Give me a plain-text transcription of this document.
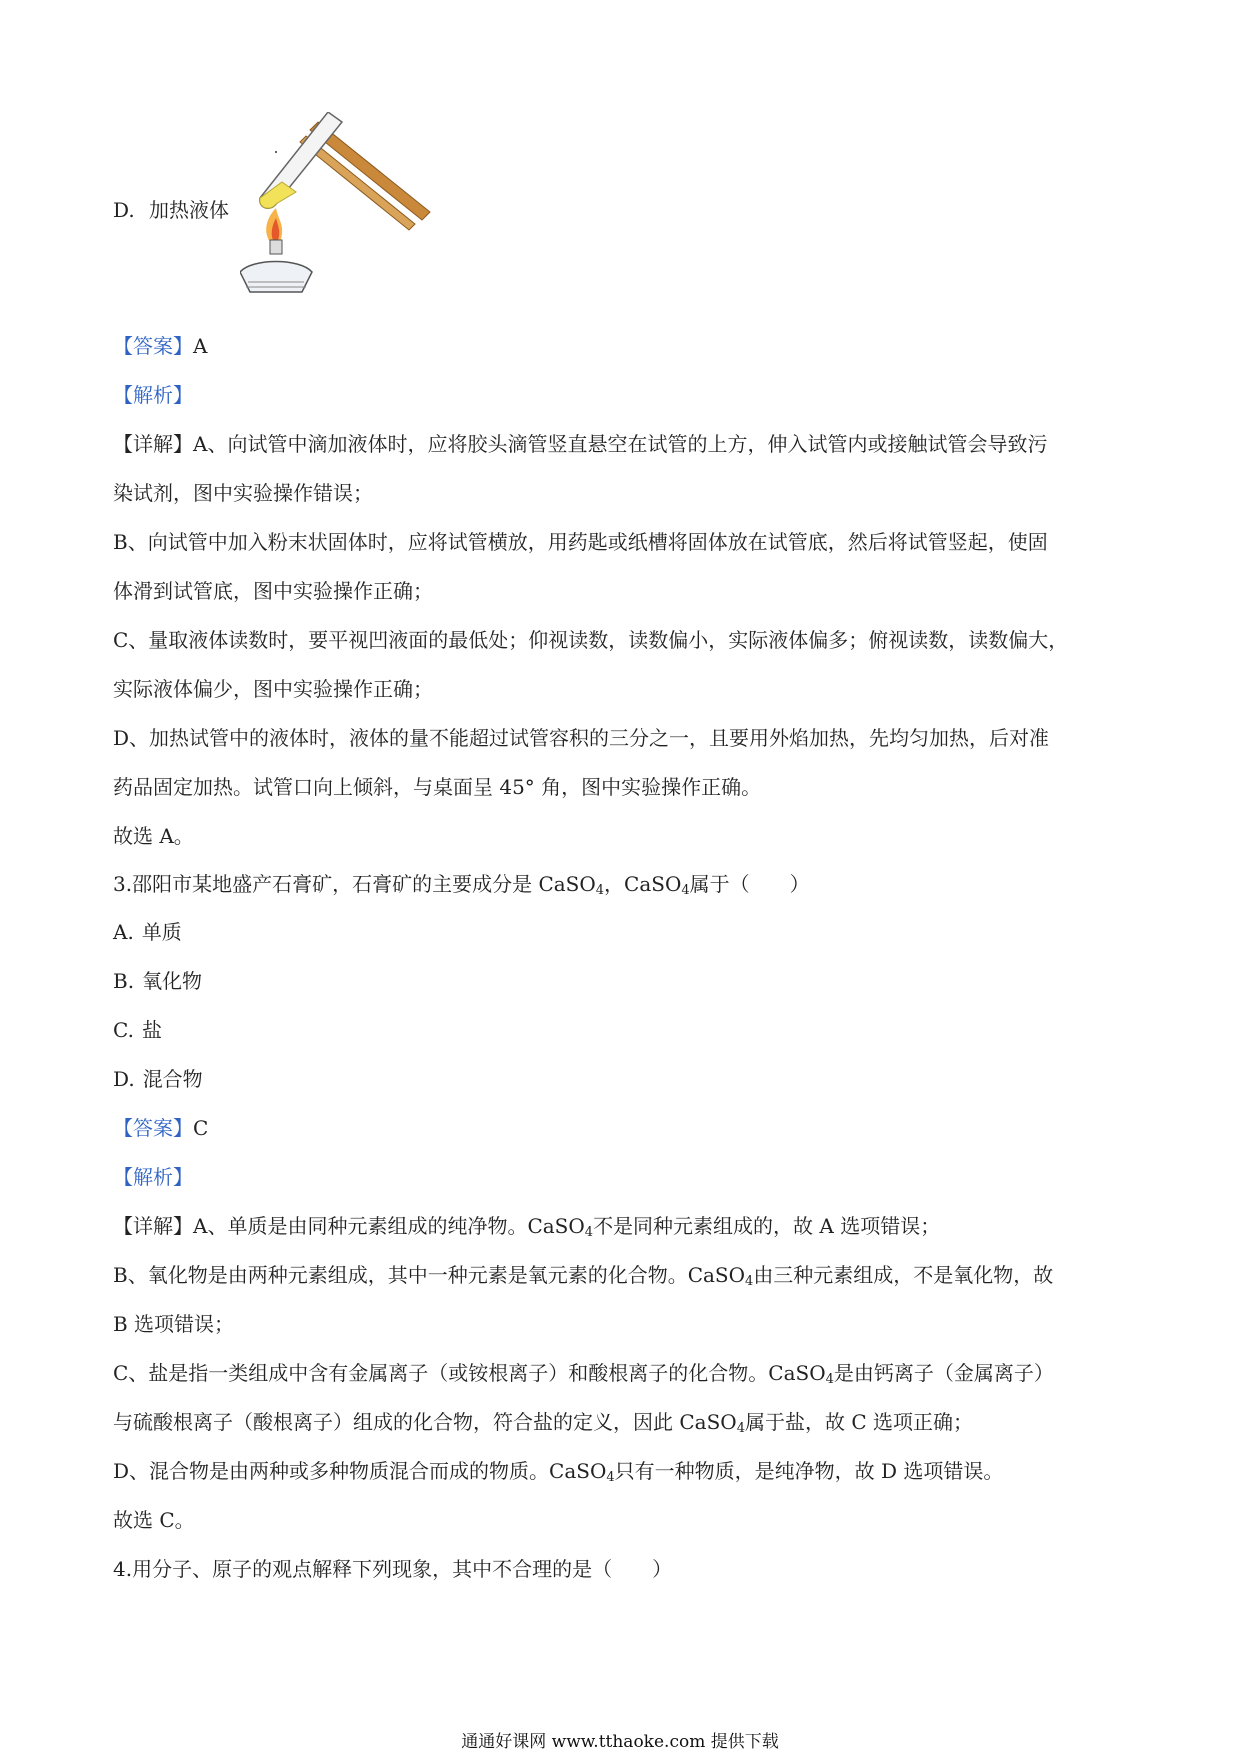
D. 加热液体
【答案】A
【解析】
【详解】A、向试管中滴加液体时，应将胶头滴管竖直悬空在试管的上方，伸入试管内或接触试管会导致污
染试剂，图中实验操作错误；
B、向试管中加入粉末状固体时，应将试管横放，用药匙或纸槽将固体放在试管底，然后将试管竖起，使固
体滑到试管底，图中实验操作正确；
C、量取液体读数时，要平视凹液面的最低处；仰视读数，读数偏小，实际液体偏多；俯视读数，读数偏大，
实际液体偏少，图中实验操作正确；
D、加热试管中的液体时，液体的量不能超过试管容积的三分之一，且要用外焰加热，先均匀加热，后对准
药品固定加热。试管口向上倾斜，与桌面呈 45° 角，图中实验操作正确。
故选 A。
3.邵阳市某地盛产石膏矿，石膏矿的主要成分是 CaSO$_4$，CaSO$_4$属于（　　）
A. 单质
B. 氧化物
C. 盐
D. 混合物
【答案】C
【解析】
【详解】A、单质是由同种元素组成的纯净物。CaSO$_4$不是同种元素组成的，故 A 选项错误；
B、氧化物是由两种元素组成，其中一种元素是氧元素的化合物。CaSO$_4$由三种元素组成，不是氧化物，故
B 选项错误；
C、盐是指一类组成中含有金属离子（或铵根离子）和酸根离子的化合物。CaSO$_4$是由钙离子（金属离子）
与硫酸根离子（酸根离子）组成的化合物，符合盐的定义，因此 CaSO$_4$属于盐，故 C 选项正确；
D、混合物是由两种或多种物质混合而成的物质。CaSO$_4$只有一种物质，是纯净物，故 D 选项错误。
故选 C。
4.用分子、原子的观点解释下列现象，其中不合理的是（　　）
通通好课网 www.tthaoke.com 提供下载
